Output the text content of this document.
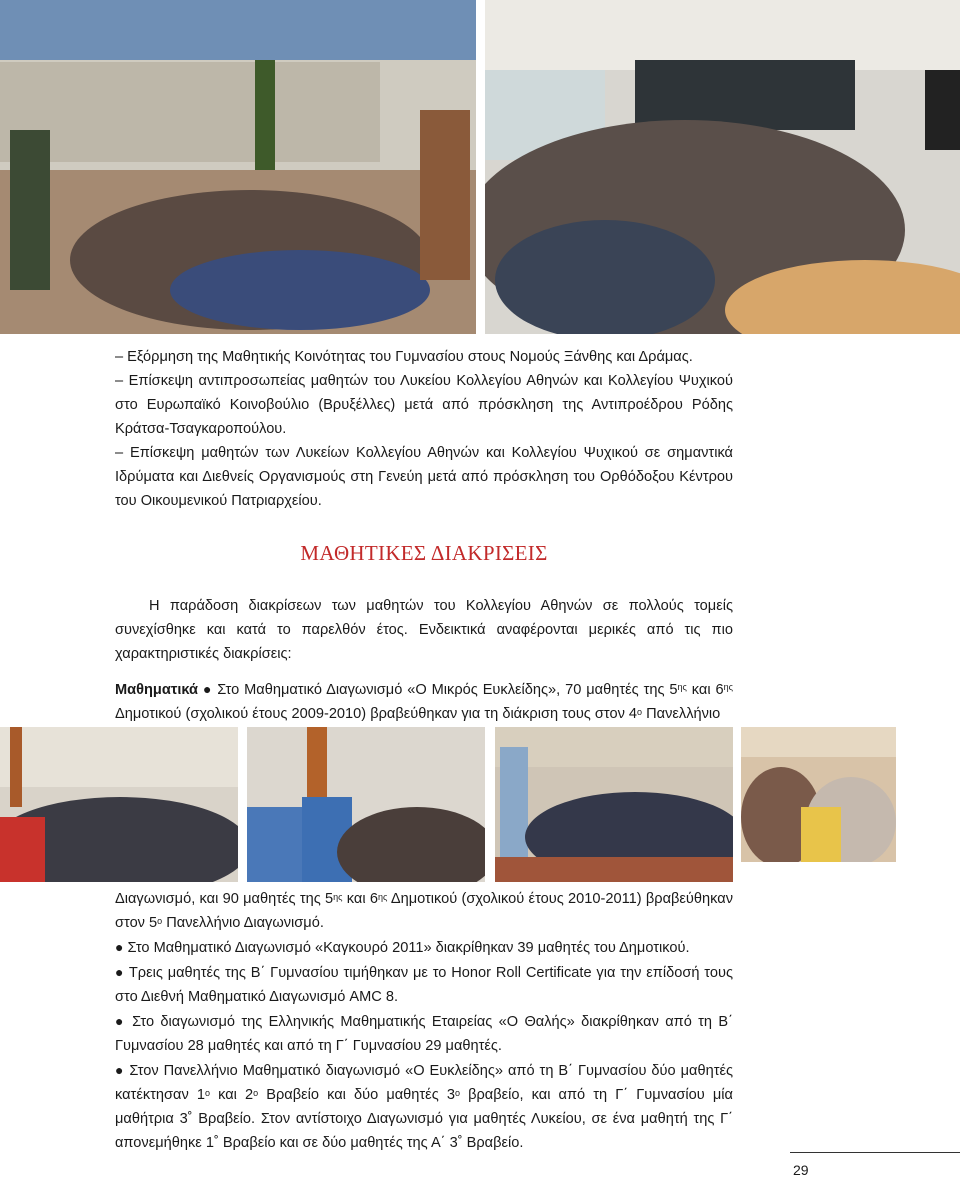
– Εξόρμηση της Μαθητικής Κοινότητας του Γυμνασίου στους Νομούς Ξάνθης και Δράμας.

– Επίσκεψη αντιπροσωπείας μαθητών του Λυκείου Κολλεγίου Αθηνών και Κολλεγίου Ψυχικού στο Ευρωπαϊκό Κοινοβούλιο (Βρυξέλλες) μετά από πρόσκληση της Αντιπροέδρου Ρόδης Κράτσα-Τσαγκαροπούλου.

– Επίσκεψη μαθητών των Λυκείων Κολλεγίου Αθηνών και Κολλεγίου Ψυχικού σε σημαντικά Ιδρύματα και Διεθνείς Οργανισμούς στη Γενεύη μετά από πρόσκληση του Ορθόδοξου Κέντρου του Οικουμενικού Πατριαρχείου.

ΜΑΘΗΤΙΚΕΣ ΔΙΑΚΡΙΣΕΙΣ

Η παράδοση διακρίσεων των μαθητών του Κολλεγίου Αθηνών σε πολλούς τομείς συνεχίσθηκε και κατά το παρελθόν έτος. Ενδεικτικά αναφέρονται μερικές από τις πιο χαρακτηριστικές διακρίσεις:

Μαθηματικά ● Στο Μαθηματικό Διαγωνισμό «Ο Μικρός Ευκλείδης», 70 μαθητές της $5^{\eta\varsigma}$ και $6^{\eta\varsigma}$ Δημοτικού (σχολικού έτους 2009-2010) βραβεύθηκαν για τη διάκριση τους στον $4^o$ Πανελλήνιο

Διαγωνισμό, και 90 μαθητές της $5^{\eta\varsigma}$ και $6^{\eta\varsigma}$ Δημοτικού (σχολικού έτους 2010-2011) βραβεύθηκαν στον $5^o$ Πανελλήνιο Διαγωνισμό.

● Στο Μαθηματικό Διαγωνισμό «Καγκουρό 2011» διακρίθηκαν 39 μαθητές του Δημοτικού.

● Τρεις μαθητές της Β΄ Γυμνασίου τιμήθηκαν με το Honor Roll Certificate για την επίδοσή τους στο Διεθνή Μαθηματικό Διαγωνισμό AMC 8.

● Στο διαγωνισμό της Ελληνικής Μαθηματικής Εταιρείας «Ο Θαλής» διακρίθηκαν από τη Β΄ Γυμνασίου 28 μαθητές και από τη Γ΄ Γυμνασίου 29 μαθητές.

● Στον Πανελλήνιο Μαθηματικό διαγωνισμό «Ο Ευκλείδης» από τη Β΄ Γυμνασίου δύο μαθητές κατέκτησαν $1^o$ και $2^o$ Βραβείο και δύο μαθητές $3^o$ βραβείο, και από τη Γ΄ Γυμνασίου μία μαθήτρια 3˚ Βραβείο. Στον αντίστοιχο Διαγωνισμό για μαθητές Λυκείου, σε ένα μαθητή της Γ΄ απονεμήθηκε 1˚ Βραβείο και σε δύο μαθητές της Α΄ 3˚ Βραβείο.

29
